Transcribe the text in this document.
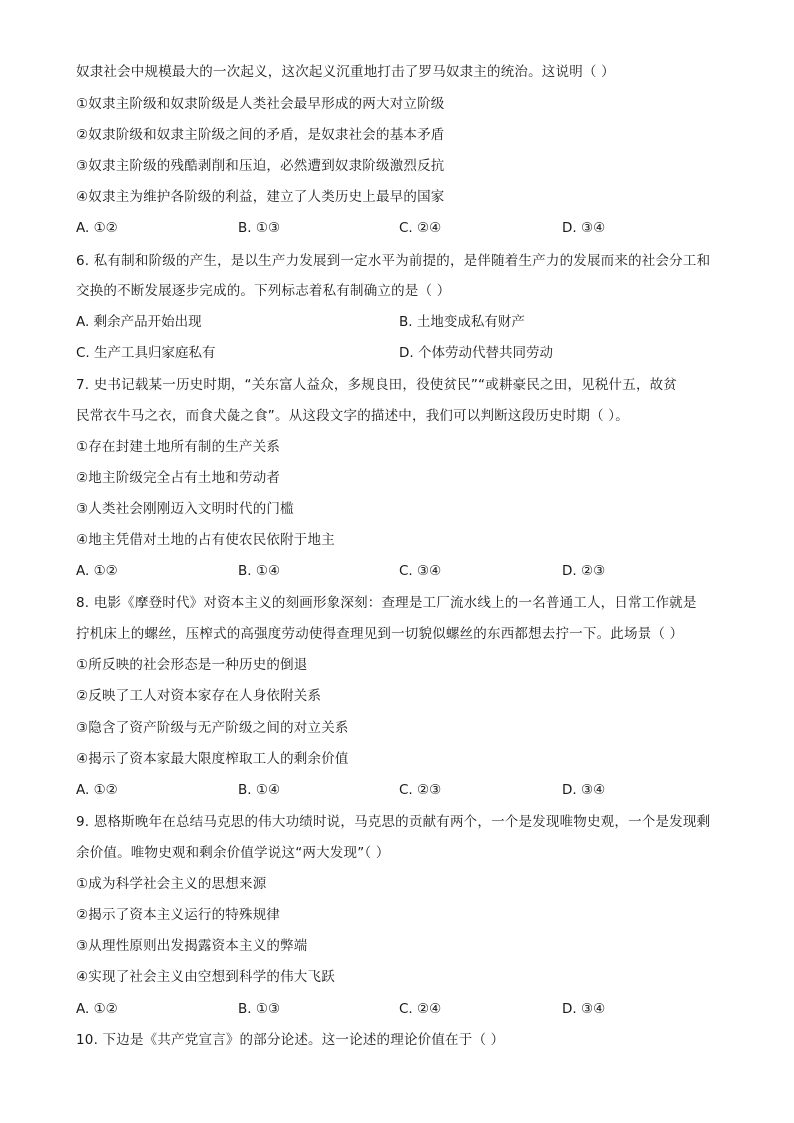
奴隶社会中规模最大的一次起义，这次起义沉重地打击了罗马奴隶主的统治。这说明（ ）
①奴隶主阶级和奴隶阶级是人类社会最早形成的两大对立阶级
②奴隶阶级和奴隶主阶级之间的矛盾，是奴隶社会的基本矛盾
③奴隶主阶级的残酷剥削和压迫，必然遭到奴隶阶级激烈反抗
④奴隶主为维护各阶级的利益，建立了人类历史上最早的国家
A. ①②	B. ①③	C. ②④	D. ③④
6. 私有制和阶级的产生，是以生产力发展到一定水平为前提的，是伴随着生产力的发展而来的社会分工和
交换的不断发展逐步完成的。下列标志着私有制确立的是（ ）
A. 剩余产品开始出现	B. 土地变成私有财产
C. 生产工具归家庭私有	D. 个体劳动代替共同劳动
7. 史书记载某一历史时期，“关东富人益众，多规良田，役使贫民”“或耕豪民之田，见税什五，故贫
民常衣牛马之衣，而食犬彘之食”。从这段文字的描述中，我们可以判断这段历史时期（ ）。
①存在封建土地所有制的生产关系
②地主阶级完全占有土地和劳动者
③人类社会刚刚迈入文明时代的门槛
④地主凭借对土地的占有使农民依附于地主
A. ①②	B. ①④	C. ③④	D. ②③
8. 电影《摩登时代》对资本主义的刻画形象深刻：查理是工厂流水线上的一名普通工人，日常工作就是
拧机床上的螺丝，压榨式的高强度劳动使得查理见到一切貌似螺丝的东西都想去拧一下。此场景（ ）
①所反映的社会形态是一种历史的倒退
②反映了工人对资本家存在人身依附关系
③隐含了资产阶级与无产阶级之间的对立关系
④揭示了资本家最大限度榨取工人的剩余价值
A. ①②	B. ①④	C. ②③	D. ③④
9. 恩格斯晚年在总结马克思的伟大功绩时说，马克思的贡献有两个，一个是发现唯物史观，一个是发现剩
余价值。唯物史观和剩余价值学说这“两大发现”（ ）
①成为科学社会主义的思想来源
②揭示了资本主义运行的特殊规律
③从理性原则出发揭露资本主义的弊端
④实现了社会主义由空想到科学的伟大飞跃
A. ①②	B. ①③	C. ②④	D. ③④
10. 下边是《共产党宣言》的部分论述。这一论述的理论价值在于（ ）
